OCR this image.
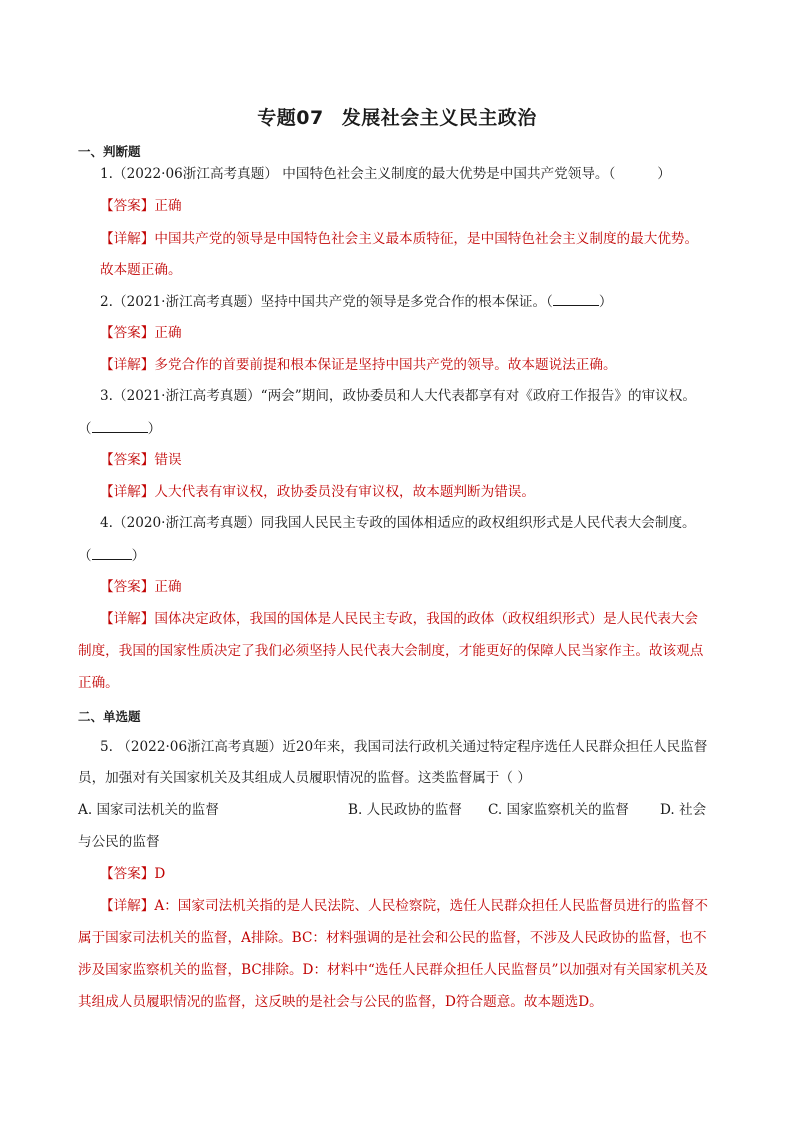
专题07 发展社会主义民主政治
一、判断题
1.（2022·06浙江高考真题） 中国特色社会主义制度的最大优势是中国共产党领导。（	）
【答案】正确
【详解】中国共产党的领导是中国特色社会主义最本质特征，是中国特色社会主义制度的最大优势。
故本题正确。
2.（2021·浙江高考真题）坚持中国共产党的领导是多党合作的根本保证。（	）
【答案】正确
【详解】多党合作的首要前提和根本保证是坚持中国共产党的领导。故本题说法正确。
3.（2021·浙江高考真题）“两会”期间，政协委员和人大代表都享有对《政府工作报告》的审议权。
（	）
【答案】错误
【详解】人大代表有审议权，政协委员没有审议权，故本题判断为错误。
4.（2020·浙江高考真题）同我国人民民主专政的国体相适应的政权组织形式是人民代表大会制度。
（	）
【答案】正确
【详解】国体决定政体，我国的国体是人民民主专政，我国的政体（政权组织形式）是人民代表大会
制度，我国的国家性质决定了我们必须坚持人民代表大会制度，才能更好的保障人民当家作主。故该观点
正确。
二、单选题
5. （2022·06浙江高考真题）近20年来，我国司法行政机关通过特定程序选任人民群众担任人民监督
员，加强对有关国家机关及其组成人员履职情况的监督。这类监督属于（ ）
A. 国家司法机关的监督	B. 人民政协的监督 C. 国家监察机关的监督 D. 社会
与公民的监督
【答案】D
【详解】A：国家司法机关指的是人民法院、人民检察院，选任人民群众担任人民监督员进行的监督不
属于国家司法机关的监督，A排除。BC：材料强调的是社会和公民的监督，不涉及人民政协的监督，也不
涉及国家监察机关的监督，BC排除。D：材料中“选任人民群众担任人民监督员”以加强对有关国家机关及
其组成人员履职情况的监督，这反映的是社会与公民的监督，D符合题意。故本题选D。
